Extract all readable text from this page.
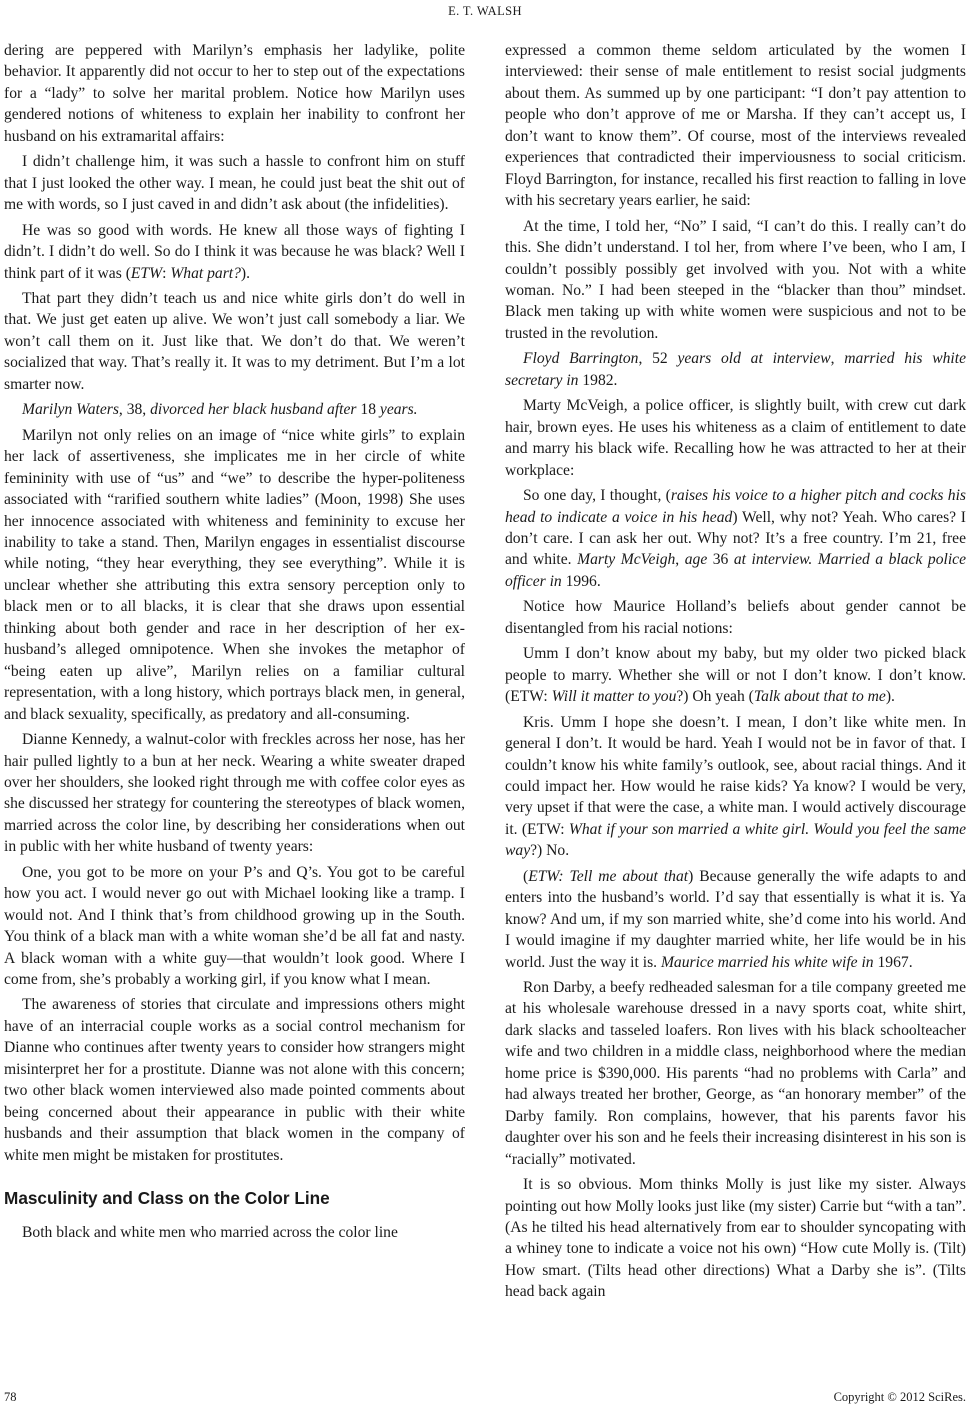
E. T. WALSH

dering are peppered with Marilyn’s emphasis her ladylike, polite behavior. It apparently did not occur to her to step out of the expectations for a “lady” to solve her marital problem. Notice how Marilyn uses gendered notions of whiteness to explain her inability to confront her husband on his extramarital affairs:

I didn’t challenge him, it was such a hassle to confront him on stuff that I just looked the other way. I mean, he could just beat the shit out of me with words, so I just caved in and didn’t ask about (the infidelities).

He was so good with words. He knew all those ways of fighting I didn’t. I didn’t do well. So do I think it was because he was black? Well I think part of it was (ETW: What part?).

That part they didn’t teach us and nice white girls don’t do well in that. We just get eaten up alive. We won’t just call somebody a liar. We won’t call them on it. Just like that. We don’t do that. We weren’t socialized that way. That’s really it. It was to my detriment. But I’m a lot smarter now.

Marilyn Waters, 38, divorced her black husband after 18 years.

Marilyn not only relies on an image of “nice white girls” to explain her lack of assertiveness, she implicates me in her circle of white femininity with use of “us” and “we” to describe the hyper-politeness associated with “rarified southern white ladies” (Moon, 1998) She uses her innocence associated with whiteness and femininity to excuse her inability to take a stand. Then, Marilyn engages in essentialist discourse while noting, “they hear everything, they see everything”. While it is unclear whether she attributing this extra sensory perception only to black men or to all blacks, it is clear that she draws upon essential thinking about both gender and race in her description of her ex-husband’s alleged omnipotence. When she invokes the metaphor of “being eaten up alive”, Marilyn relies on a familiar cultural representation, with a long history, which portrays black men, in general, and black sexuality, specifically, as predatory and all-consuming.

Dianne Kennedy, a walnut-color with freckles across her nose, has her hair pulled lightly to a bun at her neck. Wearing a white sweater draped over her shoulders, she looked right through me with coffee color eyes as she discussed her strategy for countering the stereotypes of black women, married across the color line, by describing her considerations when out in public with her white husband of twenty years:

One, you got to be more on your P’s and Q’s. You got to be careful how you act. I would never go out with Michael looking like a tramp. I would not. And I think that’s from childhood growing up in the South. You think of a black man with a white woman she’d be all fat and nasty. A black woman with a white guy—that wouldn’t look good. Where I come from, she’s probably a working girl, if you know what I mean.

The awareness of stories that circulate and impressions others might have of an interracial couple works as a social control mechanism for Dianne who continues after twenty years to consider how strangers might misinterpret her for a prostitute. Dianne was not alone with this concern; two other black women interviewed also made pointed comments about being concerned about their appearance in public with their white husbands and their assumption that black women in the company of white men might be mistaken for prostitutes.

Masculinity and Class on the Color Line

Both black and white men who married across the color line

expressed a common theme seldom articulated by the women I interviewed: their sense of male entitlement to resist social judgments about them. As summed up by one participant: “I don’t pay attention to people who don’t approve of me or Marsha. If they can’t accept us, I don’t want to know them”. Of course, most of the interviews revealed experiences that contradicted their imperviousness to social criticism. Floyd Barrington, for instance, recalled his first reaction to falling in love with his secretary years earlier, he said:

At the time, I told her, “No” I said, “I can’t do this. I really can’t do this. She didn’t understand. I tol her, from where I’ve been, who I am, I couldn’t possibly possibly get involved with you. Not with a white woman. No.” I had been steeped in the “blacker than thou” mindset. Black men taking up with white women were suspicious and not to be trusted in the revolution.

Floyd Barrington, 52 years old at interview, married his white secretary in 1982.

Marty McVeigh, a police officer, is slightly built, with crew cut dark hair, brown eyes. He uses his whiteness as a claim of entitlement to date and marry his black wife. Recalling how he was attracted to her at their workplace:

So one day, I thought, (raises his voice to a higher pitch and cocks his head to indicate a voice in his head) Well, why not? Yeah. Who cares? I don’t care. I can ask her out. Why not? It’s a free country. I’m 21, free and white. Marty McVeigh, age 36 at interview. Married a black police officer in 1996.

Notice how Maurice Holland’s beliefs about gender cannot be disentangled from his racial notions:

Umm I don’t know about my baby, but my older two picked black people to marry. Whether she will or not I don’t know. I don’t know. (ETW: Will it matter to you?) Oh yeah (Talk about that to me).

Kris. Umm I hope she doesn’t. I mean, I don’t like white men. In general I don’t. It would be hard. Yeah I would not be in favor of that. I couldn’t know his white family’s outlook, see, about racial things. And it could impact her. How would he raise kids? Ya know? I would be very, very upset if that were the case, a white man. I would actively discourage it. (ETW: What if your son married a white girl. Would you feel the same way?) No.

(ETW: Tell me about that) Because generally the wife adapts to and enters into the husband’s world. I’d say that essentially is what it is. Ya know? And um, if my son married white, she’d come into his world. And I would imagine if my daughter married white, her life would be in his world. Just the way it is. Maurice married his white wife in 1967.

Ron Darby, a beefy redheaded salesman for a tile company greeted me at his wholesale warehouse dressed in a navy sports coat, white shirt, dark slacks and tasseled loafers. Ron lives with his black schoolteacher wife and two children in a middle class, neighborhood where the median home price is $390,000. His parents “had no problems with Carla” and had always treated her brother, George, as “an honorary member” of the Darby family. Ron complains, however, that his parents favor his daughter over his son and he feels their increasing disinterest in his son is “racially” motivated.

It is so obvious. Mom thinks Molly is just like my sister. Always pointing out how Molly looks just like (my sister) Carrie but “with a tan”. (As he tilted his head alternatively from ear to shoulder syncopating with a whiney tone to indicate a voice not his own) “How cute Molly is. (Tilt) How smart. (Tilts head other directions) What a Darby she is”. (Tilts head back again

78	Copyright © 2012 SciRes.
